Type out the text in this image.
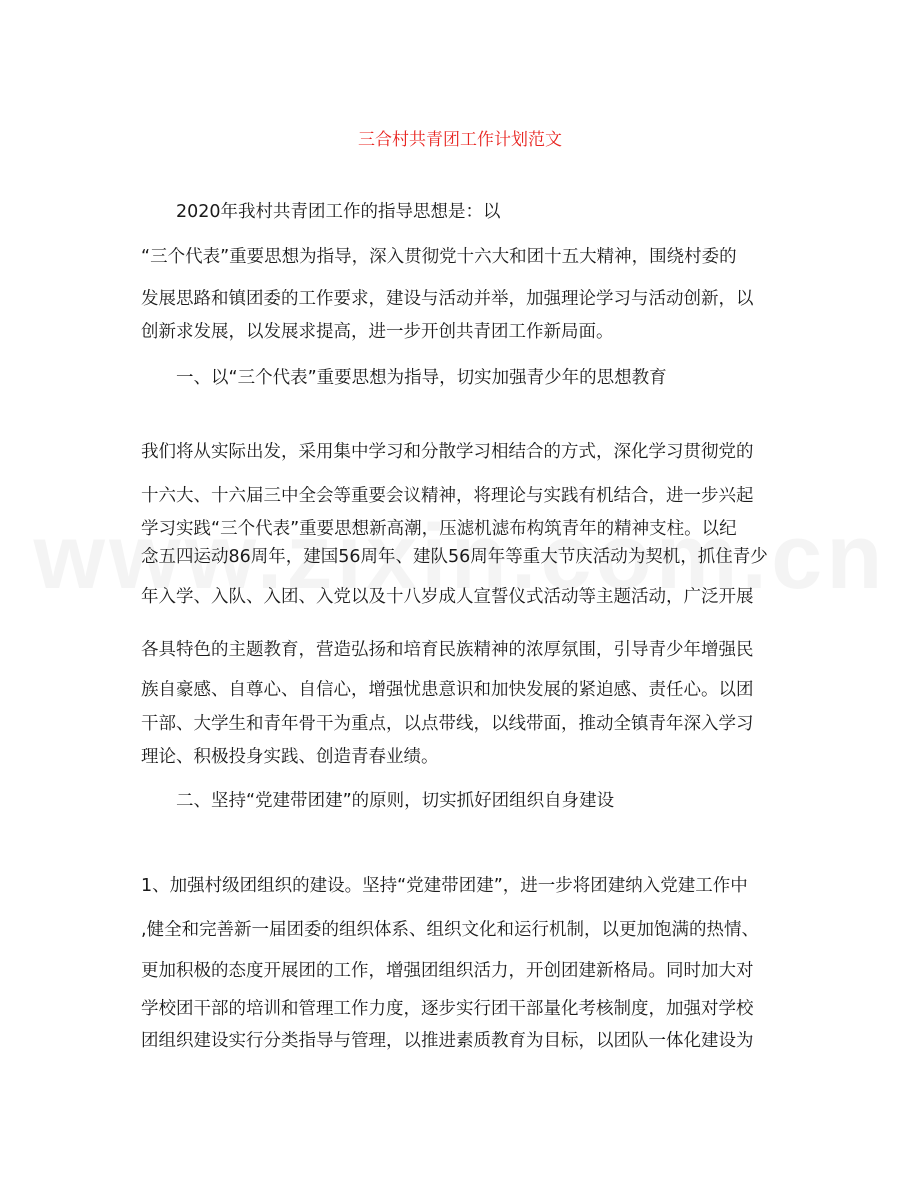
三合村共青团工作计划范文
2020年我村共青团工作的指导思想是：以
“三个代表”重要思想为指导，深入贯彻党十六大和团十五大精神，围绕村委的
发展思路和镇团委的工作要求，建设与活动并举，加强理论学习与活动创新，以
创新求发展，以发展求提高，进一步开创共青团工作新局面。
一、以“三个代表”重要思想为指导，切实加强青少年的思想教育
我们将从实际出发，采用集中学习和分散学习相结合的方式，深化学习贯彻党的
十六大、十六届三中全会等重要会议精神，将理论与实践有机结合，进一步兴起
学习实践“三个代表”重要思想新高潮，压滤机滤布构筑青年的精神支柱。以纪
念五四运动86周年，建国56周年、建队56周年等重大节庆活动为契机，抓住青少
年入学、入队、入团、入党以及十八岁成人宣誓仪式活动等主题活动，广泛开展
各具特色的主题教育，营造弘扬和培育民族精神的浓厚氛围，引导青少年增强民
族自豪感、自尊心、自信心，增强忧患意识和加快发展的紧迫感、责任心。以团
干部、大学生和青年骨干为重点，以点带线，以线带面，推动全镇青年深入学习
理论、积极投身实践、创造青春业绩。
二、坚持“党建带团建”的原则，切实抓好团组织自身建设
1、加强村级团组织的建设。坚持“党建带团建”，进一步将团建纳入党建工作中
,健全和完善新一届团委的组织体系、组织文化和运行机制，以更加饱满的热情、
更加积极的态度开展团的工作，增强团组织活力，开创团建新格局。同时加大对
学校团干部的培训和管理工作力度，逐步实行团干部量化考核制度，加强对学校
团组织建设实行分类指导与管理，以推进素质教育为目标，以团队一体化建设为
